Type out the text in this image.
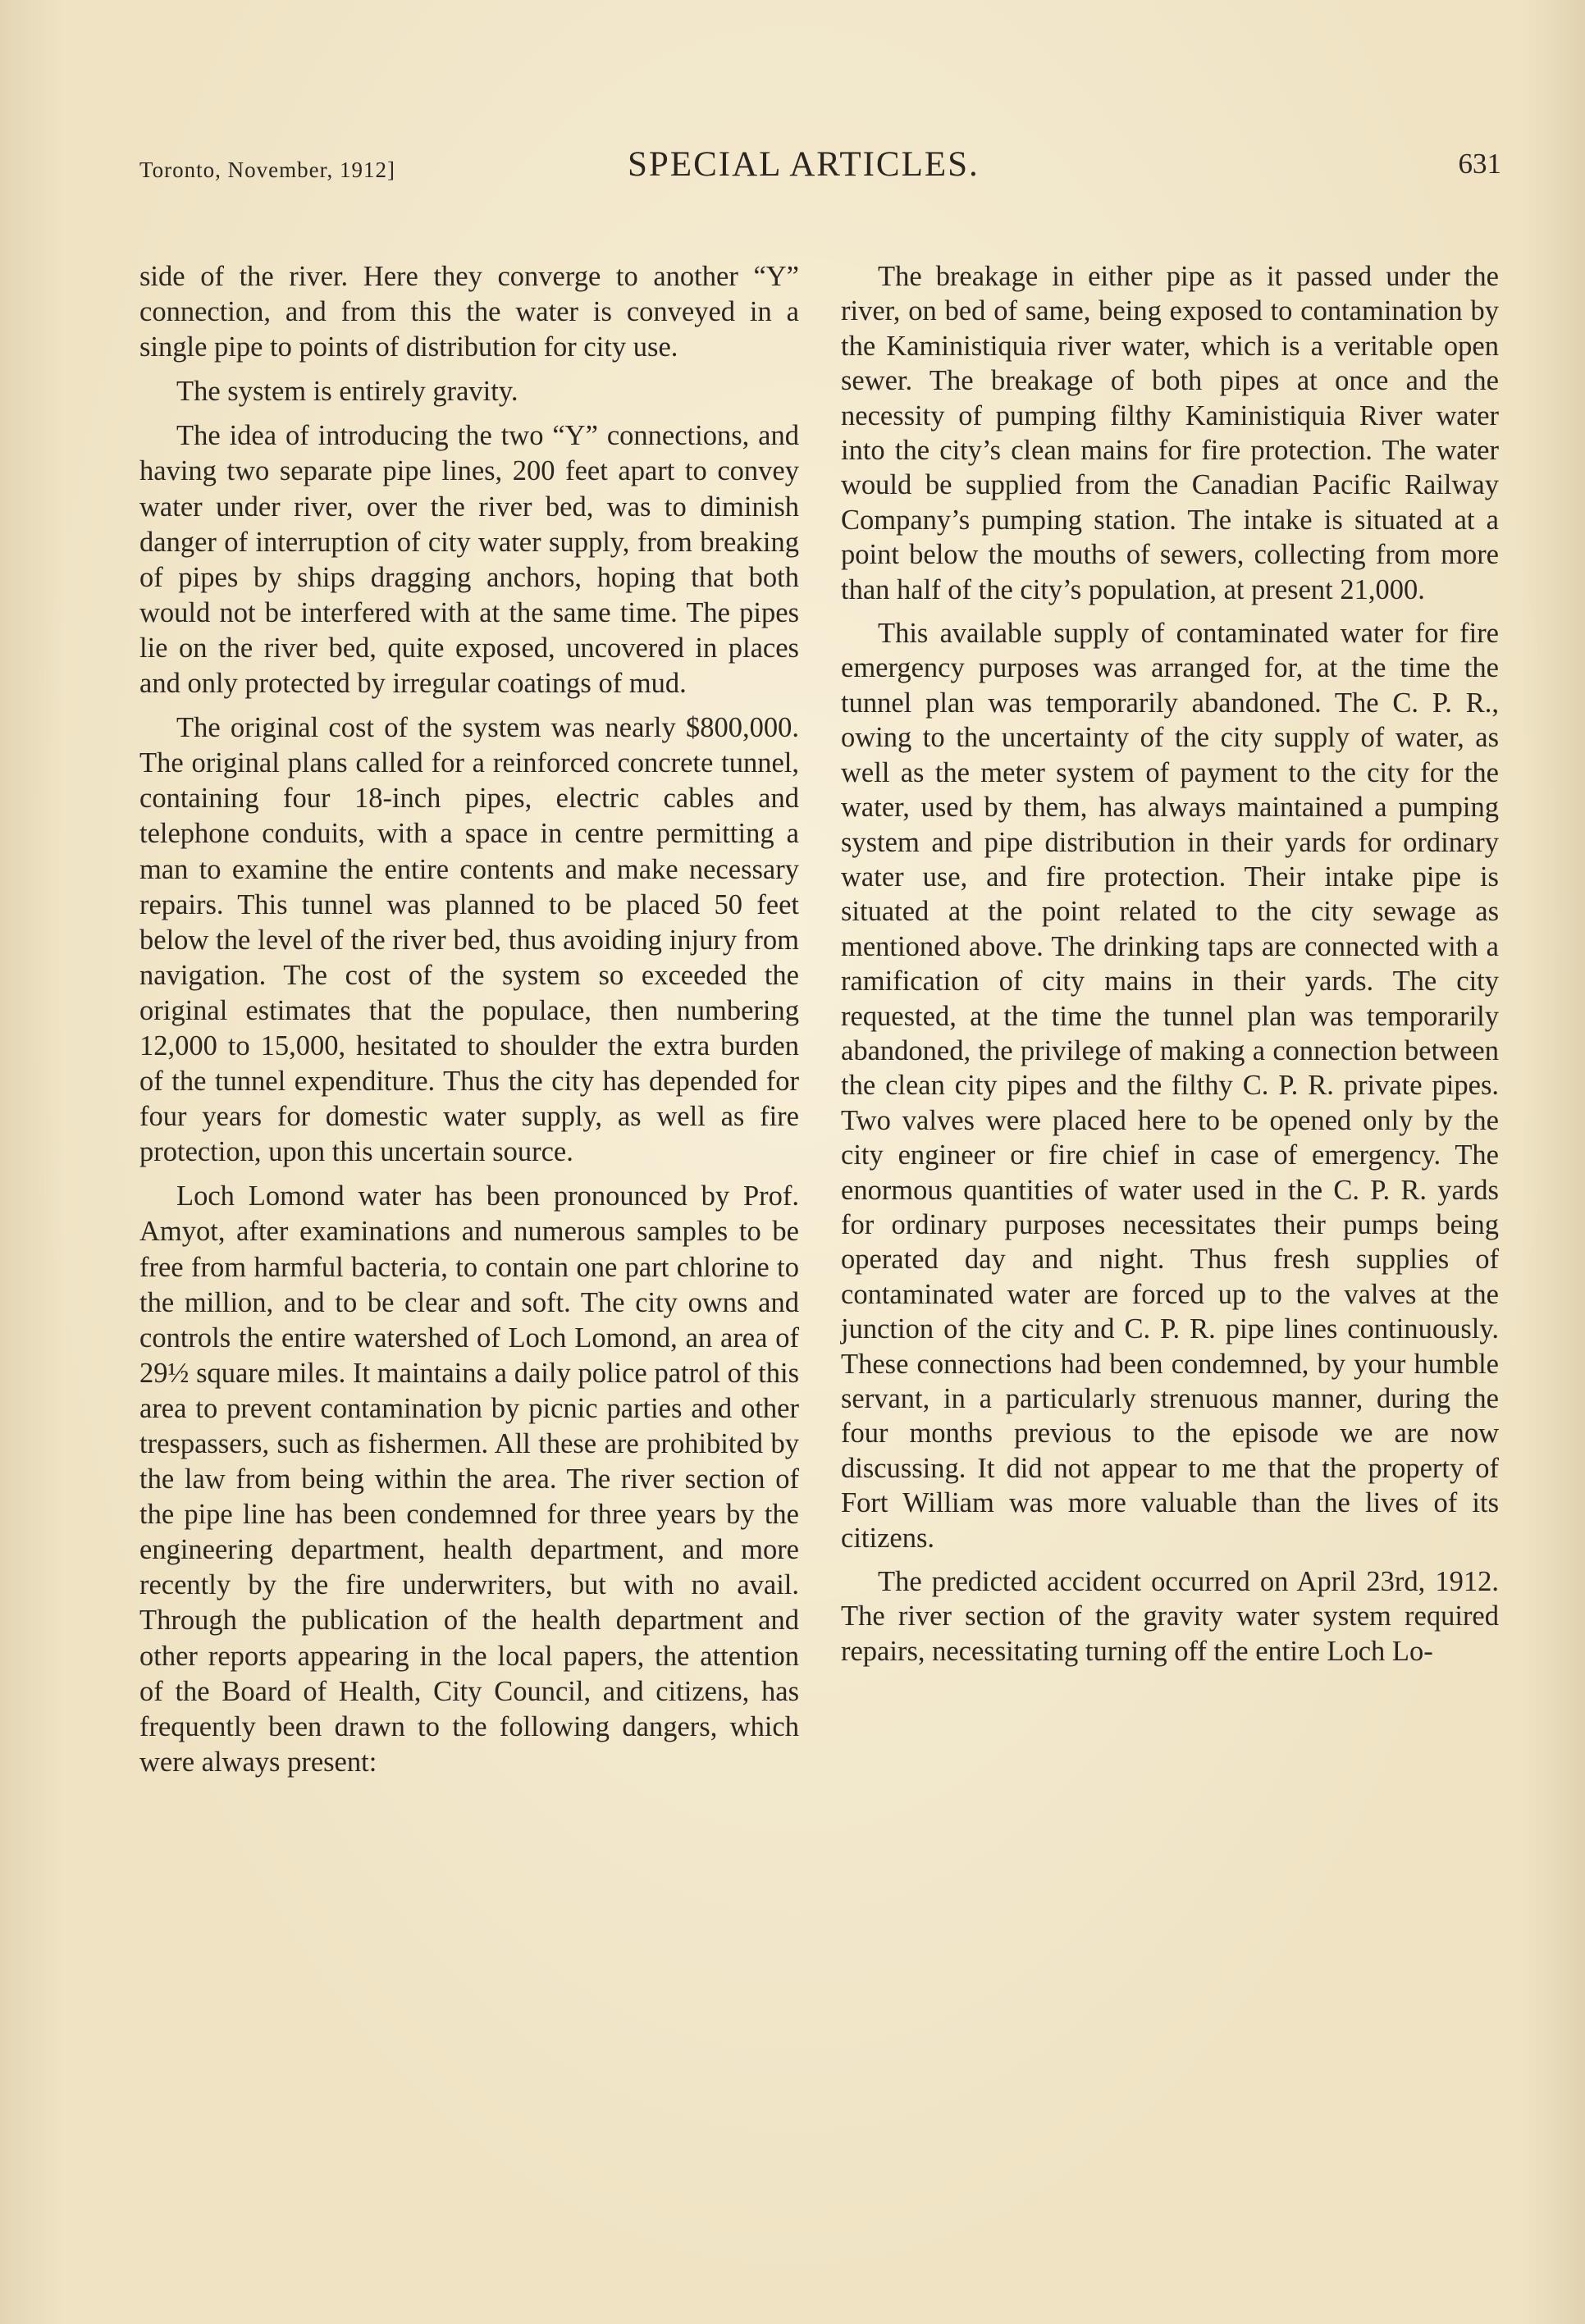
Toronto, November, 1912]	SPECIAL ARTICLES.	631

side of the river. Here they converge to another “Y” connection, and from this the water is conveyed in a single pipe to points of distribution for city use.

The system is entirely gravity.

The idea of introducing the two “Y” connections, and having two separate pipe lines, 200 feet apart to convey water under river, over the river bed, was to diminish danger of interruption of city water supply, from breaking of pipes by ships dragging anchors, hoping that both would not be interfered with at the same time. The pipes lie on the river bed, quite exposed, uncovered in places and only protected by irregular coatings of mud.

The original cost of the system was nearly $800,000. The original plans called for a reinforced concrete tunnel, containing four 18-inch pipes, electric cables and telephone conduits, with a space in centre permitting a man to examine the entire contents and make necessary repairs. This tunnel was planned to be placed 50 feet below the level of the river bed, thus avoiding injury from navigation. The cost of the system so exceeded the original estimates that the populace, then numbering 12,000 to 15,000, hesitated to shoulder the extra burden of the tunnel expenditure. Thus the city has depended for four years for domestic water supply, as well as fire protection, upon this uncertain source.

Loch Lomond water has been pronounced by Prof. Amyot, after examinations and numerous samples to be free from harmful bacteria, to contain one part chlorine to the million, and to be clear and soft. The city owns and controls the entire watershed of Loch Lomond, an area of 29½ square miles. It maintains a daily police patrol of this area to prevent contamination by picnic parties and other trespassers, such as fishermen. All these are prohibited by the law from being within the area. The river section of the pipe line has been condemned for three years by the engineering department, health department, and more recently by the fire underwriters, but with no avail. Through the publication of the health department and other reports appearing in the local papers, the attention of the Board of Health, City Council, and citizens, has frequently been drawn to the following dangers, which were always present:

The breakage in either pipe as it passed under the river, on bed of same, being exposed to contamination by the Kaministiquia river water, which is a veritable open sewer. The breakage of both pipes at once and the necessity of pumping filthy Kaministiquia River water into the city’s clean mains for fire protection. The water would be supplied from the Canadian Pacific Railway Company’s pumping station. The intake is situated at a point below the mouths of sewers, collecting from more than half of the city’s population, at present 21,000.

This available supply of contaminated water for fire emergency purposes was arranged for, at the time the tunnel plan was temporarily abandoned. The C. P. R., owing to the uncertainty of the city supply of water, as well as the meter system of payment to the city for the water, used by them, has always maintained a pumping system and pipe distribution in their yards for ordinary water use, and fire protection. Their intake pipe is situated at the point related to the city sewage as mentioned above. The drinking taps are connected with a ramification of city mains in their yards. The city requested, at the time the tunnel plan was temporarily abandoned, the privilege of making a connection between the clean city pipes and the filthy C. P. R. private pipes. Two valves were placed here to be opened only by the city engineer or fire chief in case of emergency. The enormous quantities of water used in the C. P. R. yards for ordinary purposes necessitates their pumps being operated day and night. Thus fresh supplies of contaminated water are forced up to the valves at the junction of the city and C. P. R. pipe lines continuously. These connections had been condemned, by your humble servant, in a particularly strenuous manner, during the four months previous to the episode we are now discussing. It did not appear to me that the property of Fort William was more valuable than the lives of its citizens.

The predicted accident occurred on April 23rd, 1912. The river section of the gravity water system required repairs, necessitating turning off the entire Loch Lo-
